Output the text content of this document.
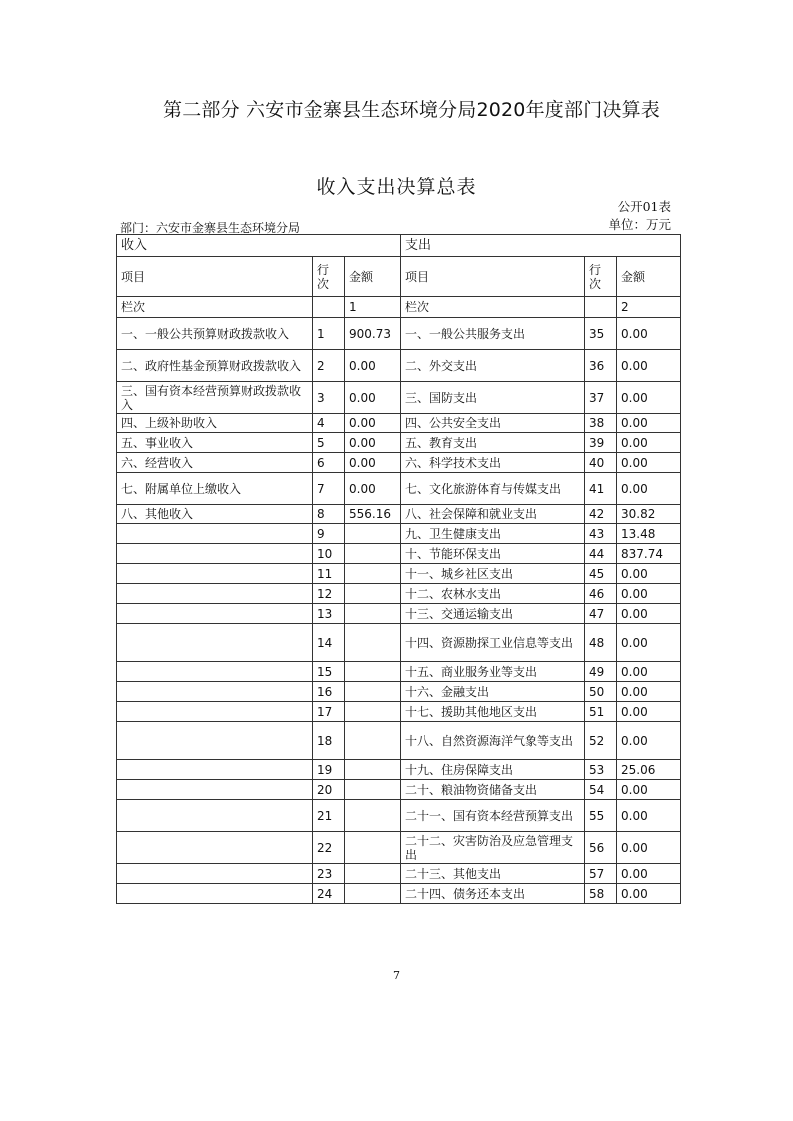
第二部分 六安市金寨县生态环境分局2020年度部门决算表
收入支出决算总表
公开01表
单位：万元
部门：六安市金寨县生态环境分局
收入			支出		
项目	行次	金额	项目	行次	金额
栏次		1	栏次		2
一、一般公共预算财政拨款收入	1	900.73	一、一般公共服务支出	35	0.00
二、政府性基金预算财政拨款收入	2	0.00	二、外交支出	36	0.00
三、国有资本经营预算财政拨款收入	3	0.00	三、国防支出	37	0.00
四、上级补助收入	4	0.00	四、公共安全支出	38	0.00
五、事业收入	5	0.00	五、教育支出	39	0.00
六、经营收入	6	0.00	六、科学技术支出	40	0.00
七、附属单位上缴收入	7	0.00	七、文化旅游体育与传媒支出	41	0.00
八、其他收入	8	556.16	八、社会保障和就业支出	42	30.82
	9		九、卫生健康支出	43	13.48
	10		十、节能环保支出	44	837.74
	11		十一、城乡社区支出	45	0.00
	12		十二、农林水支出	46	0.00
	13		十三、交通运输支出	47	0.00
	14		十四、资源勘探工业信息等支出	48	0.00
	15		十五、商业服务业等支出	49	0.00
	16		十六、金融支出	50	0.00
	17		十七、援助其他地区支出	51	0.00
	18		十八、自然资源海洋气象等支出	52	0.00
	19		十九、住房保障支出	53	25.06
	20		二十、粮油物资储备支出	54	0.00
	21		二十一、国有资本经营预算支出	55	0.00
	22		二十二、灾害防治及应急管理支出	56	0.00
	23		二十三、其他支出	57	0.00
	24		二十四、债务还本支出	58	0.00
7
